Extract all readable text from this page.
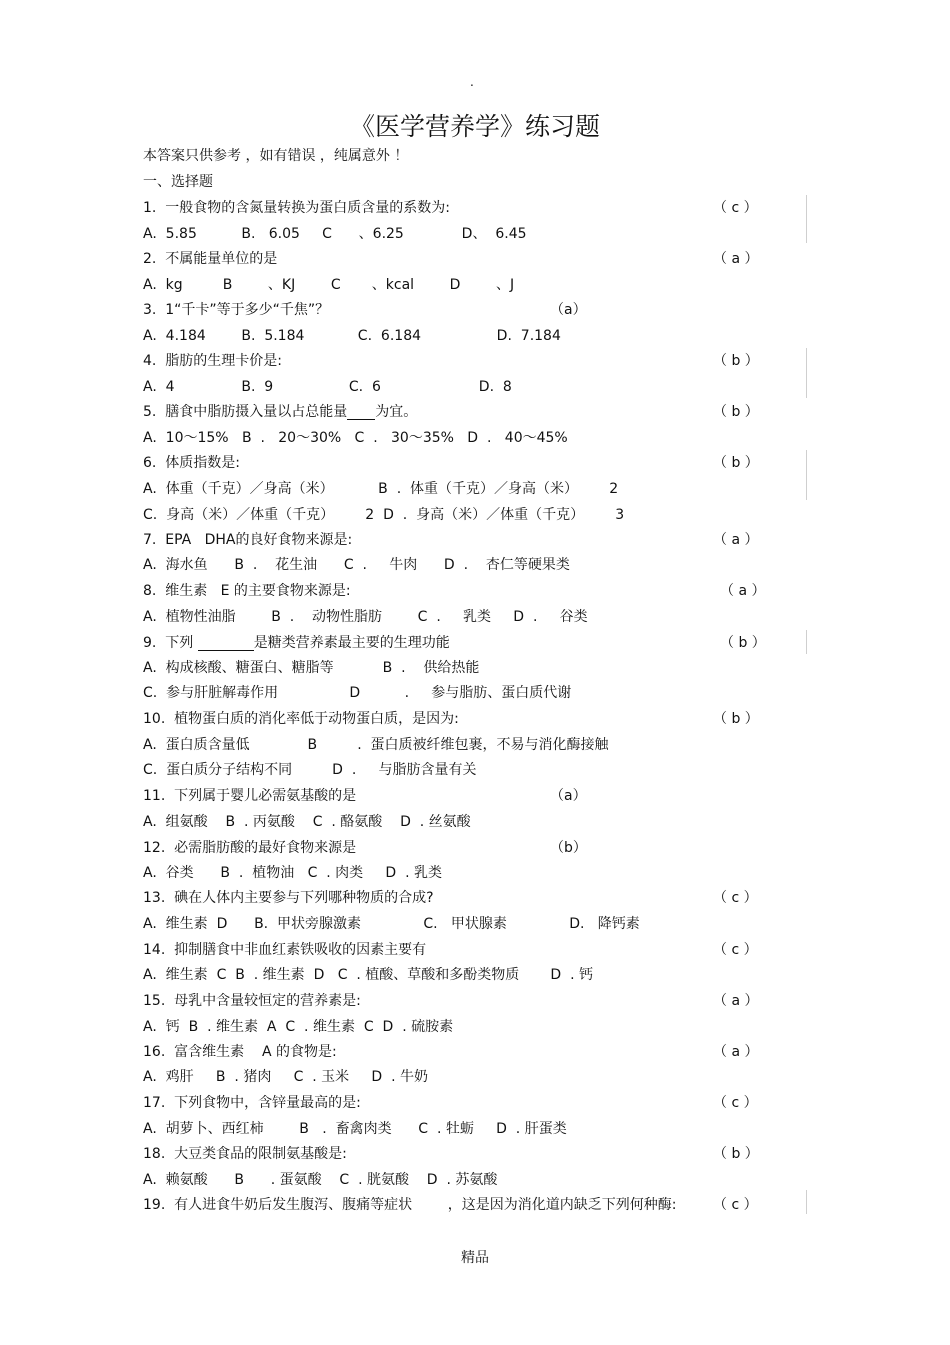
.
《医学营养学》练习题
本答案只供参考 ，如有错误 ，纯属意外 ！
一、选择题
1.  一般食物的含氮量转换为蛋白质含量的系数为:	（ c ）
A.  5.85          B.   6.05     C      、6.25             D、  6.45
2.  不属能量单位的是	（ a ）
A.  kg         B        、KJ        C       、kcal        D        、J
3.  1“千卡”等于多少“千焦”？	（a）
A.  4.184        B.  5.184            C.  6.184                 D.  7.184
4.  脂肪的生理卡价是:	（ b ）
A.  4               B.  9                 C.  6                      D.  8
5.  膳食中脂肪摄入量以占总能量 为宜。	（ b ）
A.  10～15%   B  .   20～30%   C  .   30～35%   D  .   40～45%
6.  体质指数是:	（ b ）
A.  体重（千克）／身高（米）          B  .  体重（千克）／身高（米）       2
C.  身高（米）／体重（千克）       2  D  .  身高（米）／体重（千克）       3
7.  EPA   DHA的良好食物来源是:	（ a ）
A.  海水鱼      B  .    花生油      C  .     牛肉      D  .    杏仁等硬果类
8.  维生素   E 的主要食物来源是:	（ a ）
A.  植物性油脂        B  .    动物性脂肪        C  .     乳类     D  .     谷类
9.  下列	是糖类营养素最主要的生理功能	（ b ）
A.  构成核酸、糖蛋白、糖脂等           B  .    供给热能
C.  参与肝脏解毒作用                D          .     参与脂肪、蛋白质代谢
10.  植物蛋白质的消化率低于动物蛋白质，是因为:	（ b ）
A.  蛋白质含量低             B         .  蛋白质被纤维包裹，不易与消化酶接触
C.  蛋白质分子结构不同         D  .     与脂肪含量有关
11.  下列属于婴儿必需氨基酸的是	（a）
A.  组氨酸    B  . 丙氨酸    C  . 酪氨酸    D  . 丝氨酸
12.  必需脂肪酸的最好食物来源是	（b）
A.  谷类      B  .  植物油   C  . 肉类     D  . 乳类
13.  碘在人体内主要参与下列哪种物质的合成?	（ c ）
A.  维生素  D      B.  甲状旁腺激素              C.   甲状腺素              D.   降钙素
14.  抑制膳食中非血红素铁吸收的因素主要有	（ c ）
A.  维生素  C  B  . 维生素  D   C  . 植酸、草酸和多酚类物质       D  . 钙
15.  母乳中含量较恒定的营养素是:	（ a ）
A.  钙  B  . 维生素  A  C  . 维生素  C  D  . 硫胺素
16.  富含维生素    A 的食物是:	（ a ）
A.  鸡肝     B  . 猪肉     C  . 玉米     D  . 牛奶
17.  下列食物中，含锌量最高的是:	（ c ）
A.  胡萝卜、西红柿        B   .  畜禽肉类      C  . 牡蛎     D  . 肝蛋类
18.  大豆类食品的限制氨基酸是:	（ b ）
A.  赖氨酸      B      . 蛋氨酸    C  . 胱氨酸    D  . 苏氨酸
19.  有人进食牛奶后发生腹泻、腹痛等症状        ，这是因为消化道内缺乏下列何种酶:	（ c ）
精品
